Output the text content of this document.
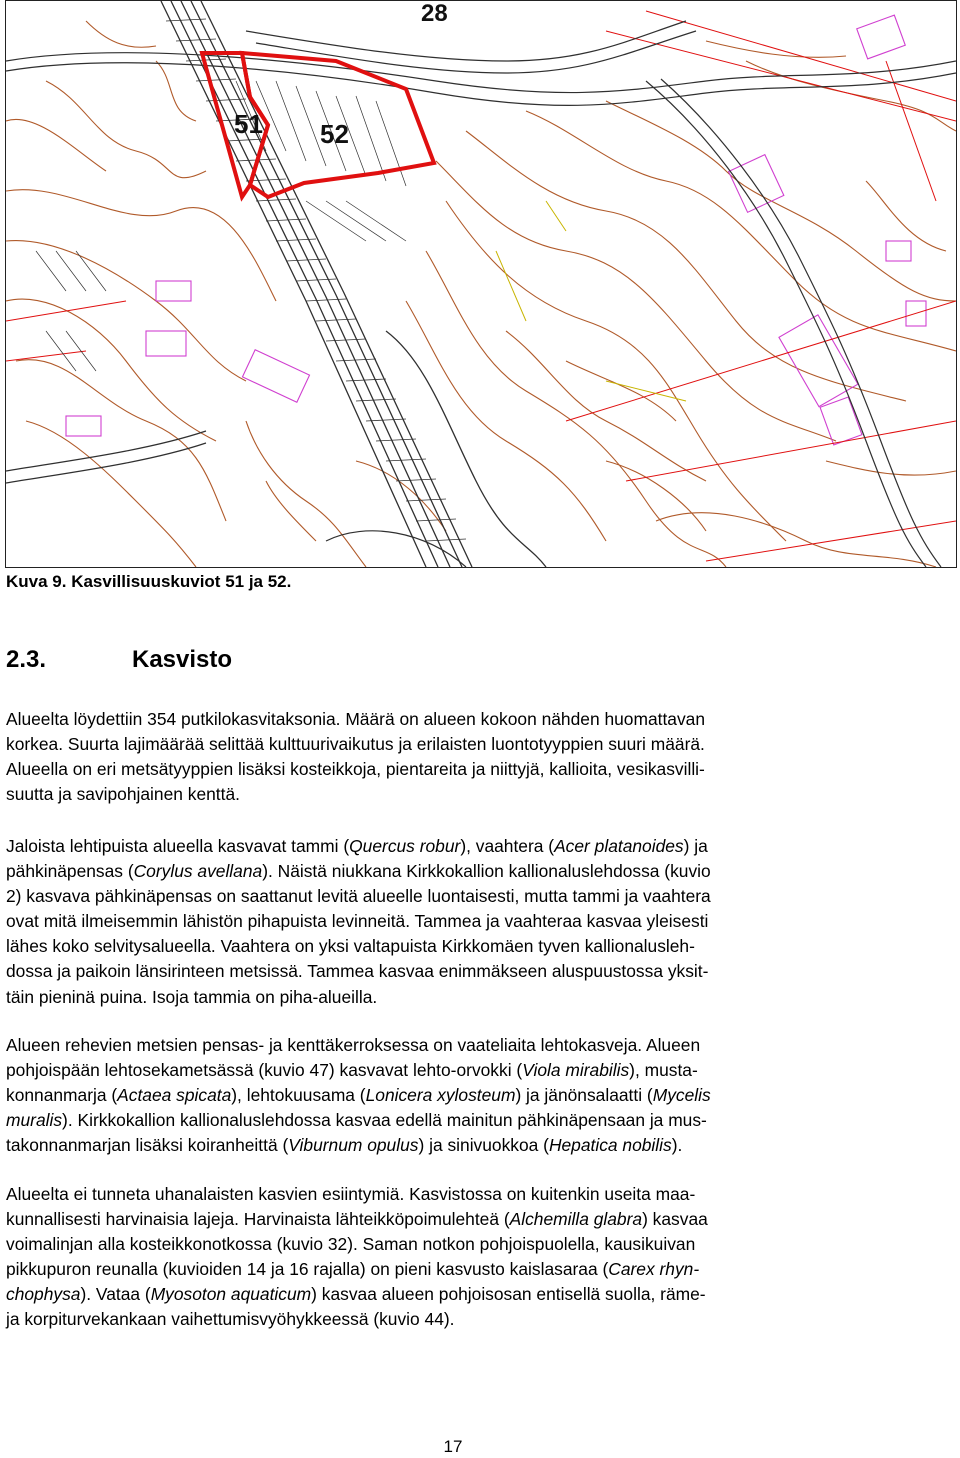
28
51 52
Kuva 9. Kasvillisuuskuviot 51 ja 52.
2.3.	Kasvisto
Alueelta löydettiin 354 putkilokasvitaksonia. Määrä on alueen kokoon nähden huomattavan
korkea. Suurta lajimäärää selittää kulttuurivaikutus ja erilaisten luontotyyppien suuri määrä.
Alueella on eri metsätyyppien lisäksi kosteikkoja, pientareita ja niittyjä, kallioita, vesikasvilli-
suutta ja savipohjainen kenttä.
Jaloista lehtipuista alueella kasvavat tammi (Quercus robur), vaahtera (Acer platanoides) ja
pähkinäpensas (Corylus avellana). Näistä niukkana Kirkkokallion kallionaluslehdossa (kuvio
2) kasvava pähkinäpensas on saattanut levitä alueelle luontaisesti, mutta tammi ja vaahtera
ovat mitä ilmeisemmin lähistön pihapuista levinneitä. Tammea ja vaahteraa kasvaa yleisesti
lähes koko selvitysalueella. Vaahtera on yksi valtapuista Kirkkomäen tyven kallionalusleh-
dossa ja paikoin länsirinteen metsissä. Tammea kasvaa enimmäkseen aluspuustossa yksit-
täin pieninä puina. Isoja tammia on piha-alueilla.
Alueen rehevien metsien pensas- ja kenttäkerroksessa on vaateliaita lehtokasveja. Alueen
pohjoispään lehtosekametsässä (kuvio 47) kasvavat lehto-orvokki (Viola mirabilis), musta-
konnanmarja (Actaea spicata), lehtokuusama (Lonicera xylosteum) ja jänönsalaatti (Mycelis
muralis). Kirkkokallion kallionaluslehdossa kasvaa edellä mainitun pähkinäpensaan ja mus-
takonnanmarjan lisäksi koiranheittä (Viburnum opulus) ja sinivuokkoa (Hepatica nobilis).
Alueelta ei tunneta uhanalaisten kasvien esiintymiä. Kasvistossa on kuitenkin useita maa-
kunnallisesti harvinaisia lajeja. Harvinaista lähteikköpoimulehteä (Alchemilla glabra) kasvaa
voimalinjan alla kosteikkonotkossa (kuvio 32). Saman notkon pohjoispuolella, kausikuivan
pikkupuron reunalla (kuvioiden 14 ja 16 rajalla) on pieni kasvusto kaislasaraa (Carex rhyn-
chophysa). Vataa (Myosoton aquaticum) kasvaa alueen pohjoisosan entisellä suolla, räme-
ja korpiturvekankaan vaihettumisvyöhykkeessä (kuvio 44).
17
